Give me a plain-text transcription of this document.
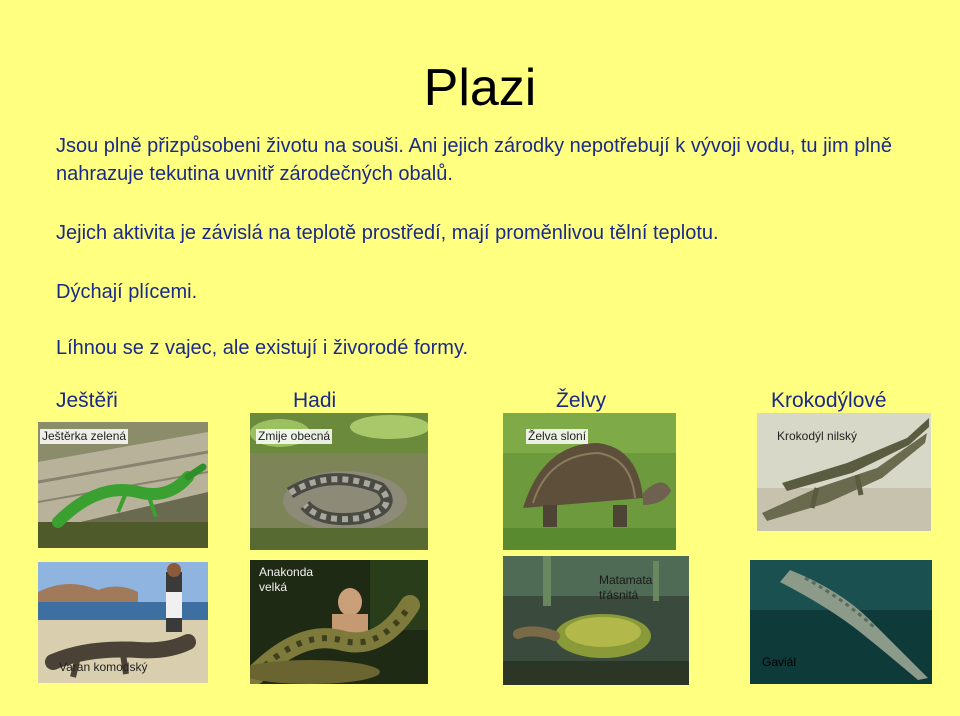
Plazi
Jsou plně přizpůsobeni životu na souši. Ani jejich zárodky nepotřebují k vývoji vodu, tu jim plně nahrazuje tekutina uvnitř zárodečných obalů.
Jejich aktivita je závislá na teplotě prostředí, mají proměnlivou tělní teplotu.
Dýchají plícemi.
Líhnou se z vajec, ale existují i živorodé formy.
Ještěři	Hadi	Želvy	Krokodýlové
Ještěrka zelená	Zmije obecná	Želva sloní	Krokodýl nilský
Varan komodský
Anakonda velká	Matamata třásnitá
Gaviál
